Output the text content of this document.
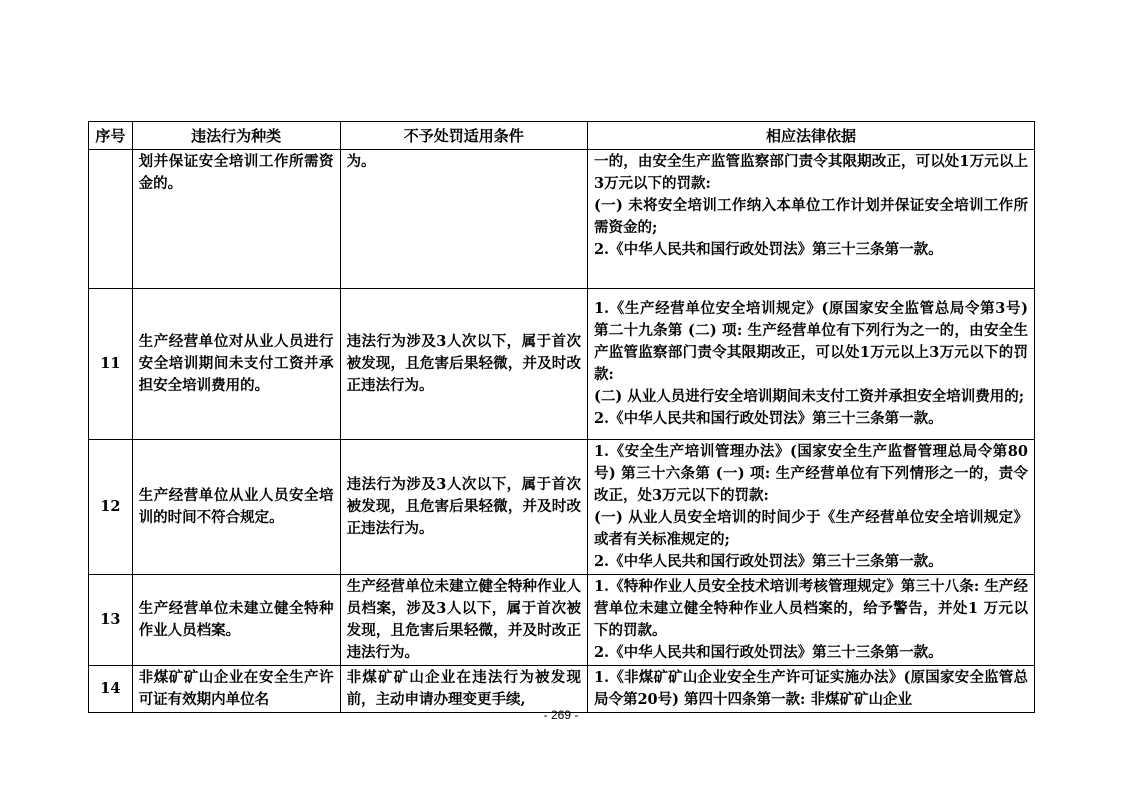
序号	违法行为种类	不予处罚适用条件	相应法律依据
	划并保证安全培训工作所需资金的。	为。	一的，由安全生产监管监察部门责令其限期改正，可以处1万元以上3万元以下的罚款:
(一) 未将安全培训工作纳入本单位工作计划并保证安全培训工作所需资金的;
2.《中华人民共和国行政处罚法》第三十三条第一款。

11	生产经营单位对从业人员进行安全培训期间未支付工资并承担安全培训费用的。	违法行为涉及3人次以下，属于首次被发现，且危害后果轻微，并及时改正违法行为。	1.《生产经营单位安全培训规定》(原国家安全监管总局令第3号) 第二十九条第 (二) 项: 生产经营单位有下列行为之一的，由安全生产监管监察部门责令其限期改正，可以处1万元以上3万元以下的罚款:
(二) 从业人员进行安全培训期间未支付工资并承担安全培训费用的;
2.《中华人民共和国行政处罚法》第三十三条第一款。

12	生产经营单位从业人员安全培训的时间不符合规定。	违法行为涉及3人次以下，属于首次被发现，且危害后果轻微，并及时改正违法行为。	1.《安全生产培训管理办法》(国家安全生产监督管理总局令第80号) 第三十六条第 (一) 项: 生产经营单位有下列情形之一的，责令改正，处3万元以下的罚款:
(一) 从业人员安全培训的时间少于《生产经营单位安全培训规定》或者有关标准规定的;
2.《中华人民共和国行政处罚法》第三十三条第一款。

13	生产经营单位未建立健全特种作业人员档案。	生产经营单位未建立健全特种作业人员档案，涉及3人以下，属于首次被发现，且危害后果轻微，并及时改正违法行为。	1.《特种作业人员安全技术培训考核管理规定》第三十八条: 生产经营单位未建立健全特种作业人员档案的，给予警告，并处1 万元以下的罚款。
2.《中华人民共和国行政处罚法》第三十三条第一款。

14	非煤矿矿山企业在安全生产许可证有效期内单位名	非煤矿矿山企业在违法行为被发现前，主动申请办理变更手续,	1.《非煤矿矿山企业安全生产许可证实施办法》(原国家安全监管总局令第20号) 第四十四条第一款: 非煤矿矿山企业
- 269 -
